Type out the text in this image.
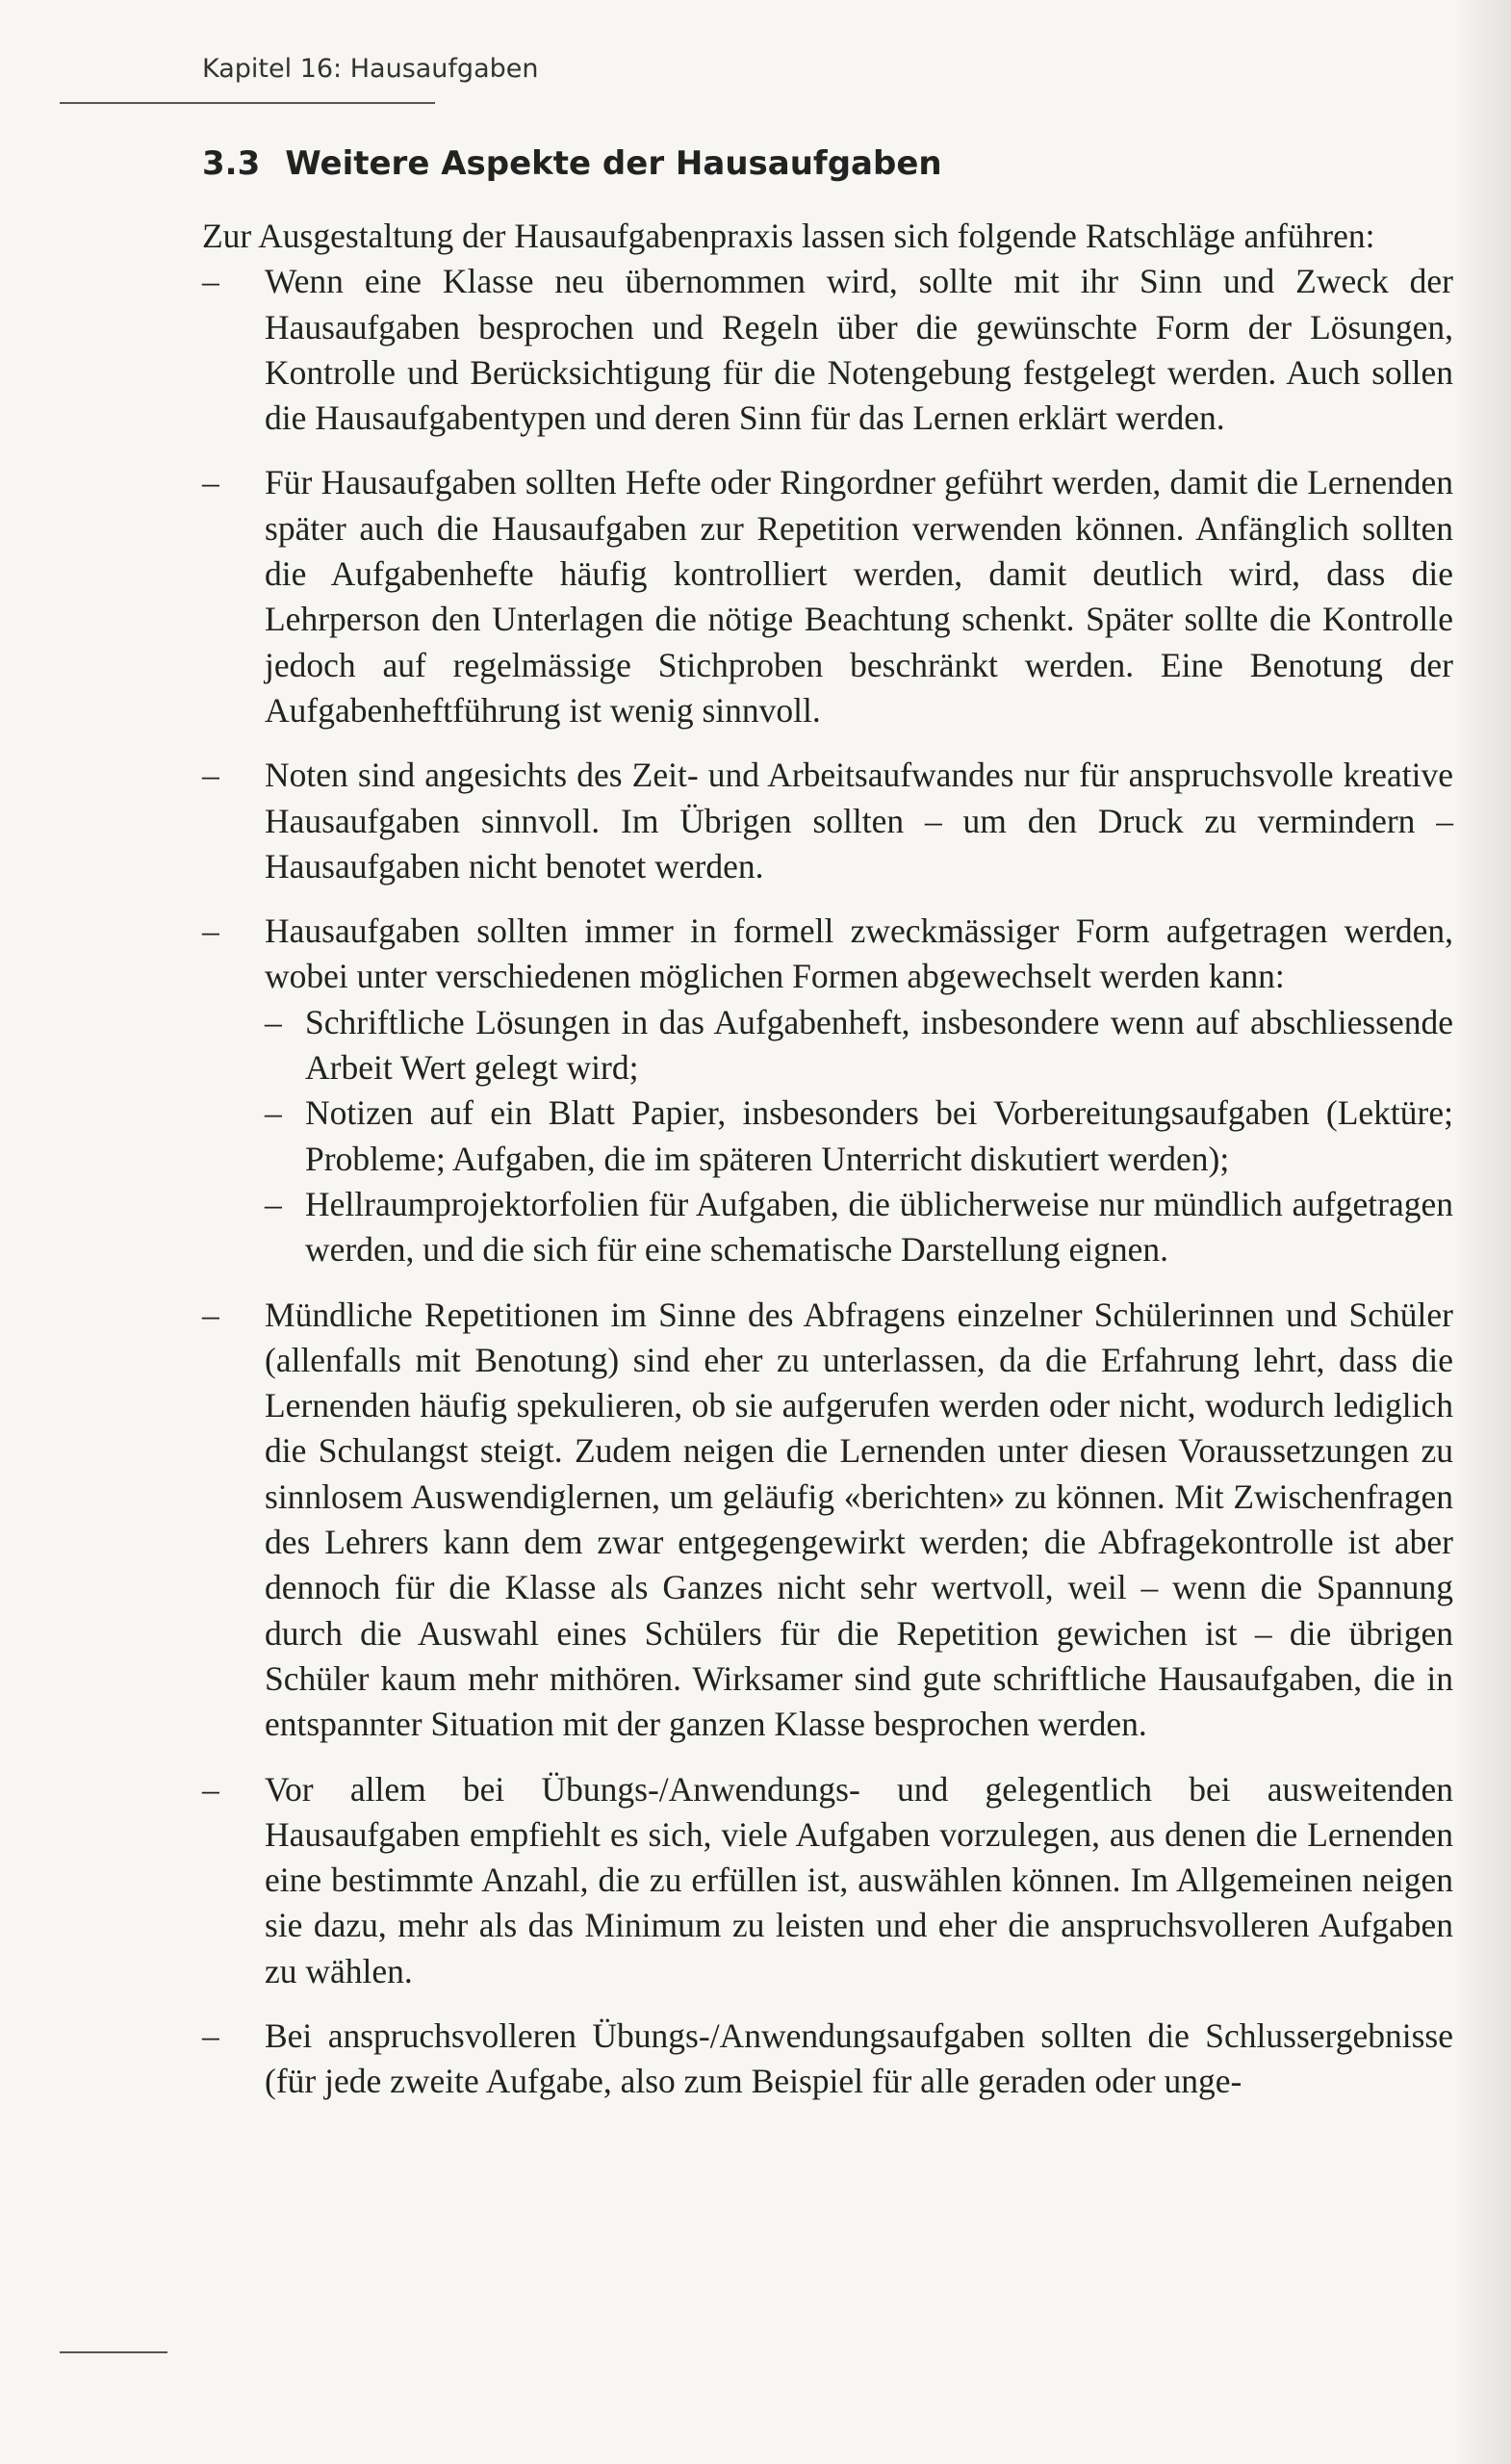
Kapitel 16: Hausaufgaben
3.3 Weitere Aspekte der Hausaufgaben

Zur Ausgestaltung der Hausaufgabenpraxis lassen sich folgende Ratschläge anführen:

– Wenn eine Klasse neu übernommen wird, sollte mit ihr Sinn und Zweck der Hausaufgaben besprochen und Regeln über die gewünschte Form der Lösungen, Kontrolle und Berücksichtigung für die Notengebung festgelegt werden. Auch sollen die Hausaufgabentypen und deren Sinn für das Lernen erklärt werden.
– Für Hausaufgaben sollten Hefte oder Ringordner geführt werden, damit die Lernenden später auch die Hausaufgaben zur Repetition verwenden können. Anfänglich sollten die Aufgabenhefte häufig kontrolliert werden, damit deutlich wird, dass die Lehrperson den Unterlagen die nötige Beachtung schenkt. Später sollte die Kontrolle jedoch auf regelmässige Stichproben beschränkt werden. Eine Benotung der Aufgabenheftführung ist wenig sinnvoll.
– Noten sind angesichts des Zeit- und Arbeitsaufwandes nur für anspruchsvolle kreative Hausaufgaben sinnvoll. Im Übrigen sollten – um den Druck zu vermindern – Hausaufgaben nicht benotet werden.
– Hausaufgaben sollten immer in formell zweckmässiger Form aufgetragen werden, wobei unter verschiedenen möglichen Formen abgewechselt werden kann:
– Schriftliche Lösungen in das Aufgabenheft, insbesondere wenn auf abschliessende Arbeit Wert gelegt wird;
– Notizen auf ein Blatt Papier, insbesonders bei Vorbereitungsaufgaben (Lektüre; Probleme; Aufgaben, die im späteren Unterricht diskutiert werden);
– Hellraumprojektorfolien für Aufgaben, die üblicherweise nur mündlich aufgetragen werden, und die sich für eine schematische Darstellung eignen.
– Mündliche Repetitionen im Sinne des Abfragens einzelner Schülerinnen und Schüler (allenfalls mit Benotung) sind eher zu unterlassen, da die Erfahrung lehrt, dass die Lernenden häufig spekulieren, ob sie aufgerufen werden oder nicht, wodurch lediglich die Schulangst steigt. Zudem neigen die Lernenden unter diesen Voraussetzungen zu sinnlosem Auswendiglernen, um geläufig «berichten» zu können. Mit Zwischenfragen des Lehrers kann dem zwar entgegengewirkt werden; die Abfragekontrolle ist aber dennoch für die Klasse als Ganzes nicht sehr wertvoll, weil – wenn die Spannung durch die Auswahl eines Schülers für die Repetition gewichen ist – die übrigen Schüler kaum mehr mithören. Wirksamer sind gute schriftliche Hausaufgaben, die in entspannter Situation mit der ganzen Klasse besprochen werden.
– Vor allem bei Übungs-/Anwendungs- und gelegentlich bei ausweitenden Hausaufgaben empfiehlt es sich, viele Aufgaben vorzulegen, aus denen die Lernenden eine bestimmte Anzahl, die zu erfüllen ist, auswählen können. Im Allgemeinen neigen sie dazu, mehr als das Minimum zu leisten und eher die anspruchsvolleren Aufgaben zu wählen.
– Bei anspruchsvolleren Übungs-/Anwendungsaufgaben sollten die Schlussergebnisse (für jede zweite Aufgabe, also zum Beispiel für alle geraden oder unge-
